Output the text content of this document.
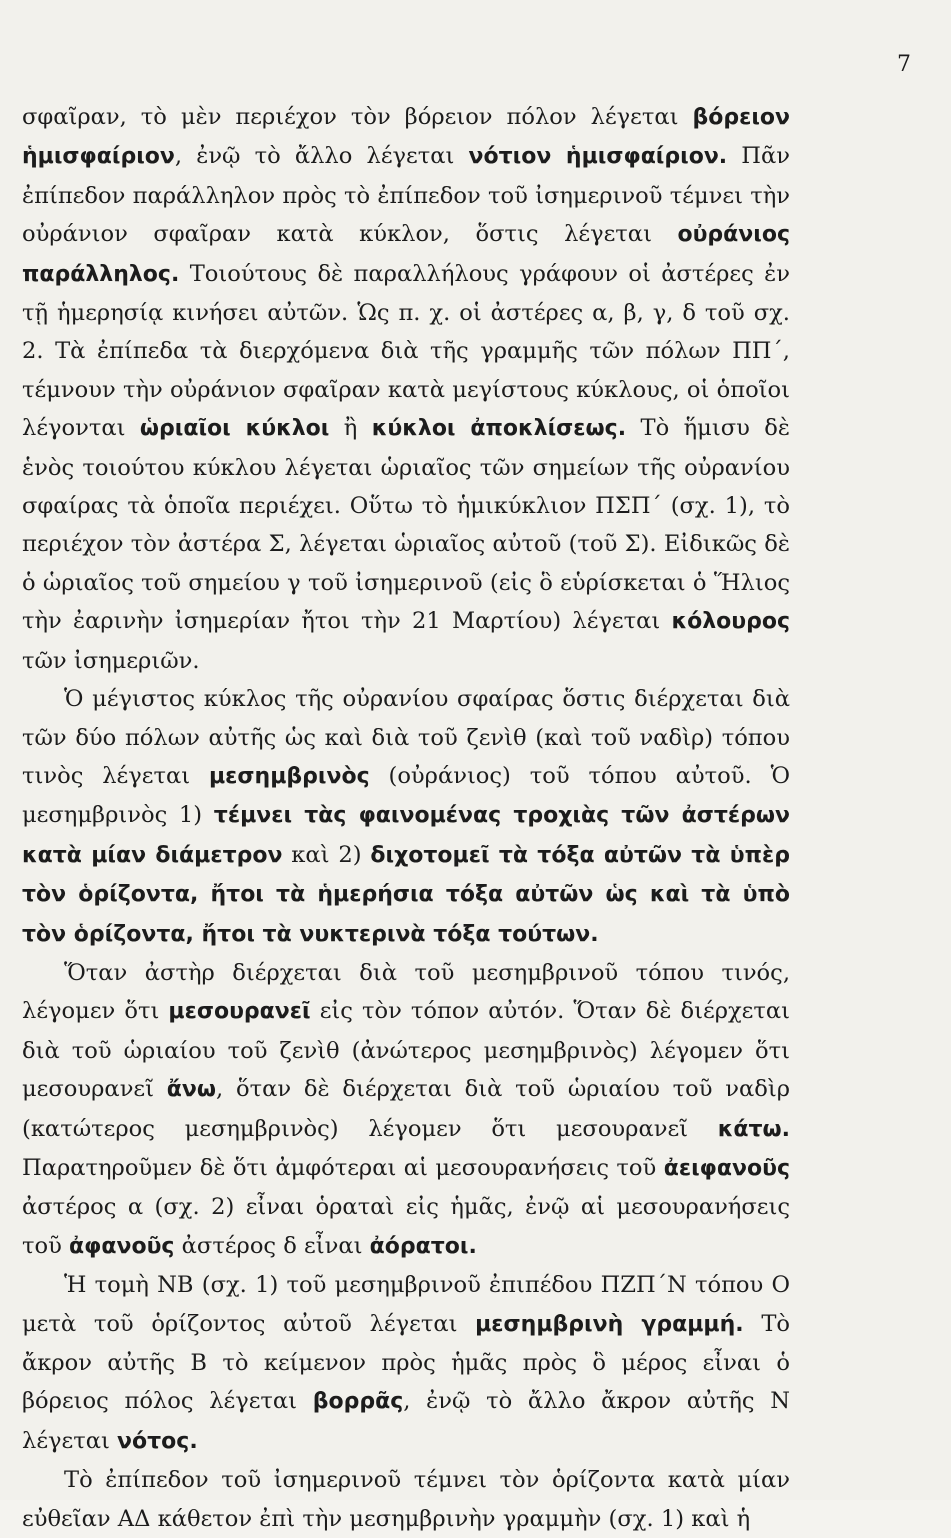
7

σφαῖραν, τὸ μὲν περιέχον τὸν βόρειον πόλον λέγεται βόρειον ἡμισφαίριον, ἐνῷ τὸ ἄλλο λέγεται νότιον ἡμισφαίριον. Πᾶν ἐπίπεδον παράλληλον πρὸς τὸ ἐπίπεδον τοῦ ἰσημερινοῦ τέμνει τὴν οὐράνιον σφαῖραν κατὰ κύκλον, ὅστις λέγεται οὐράνιος παράλληλος. Τοιούτους δὲ παραλλήλους γράφουν οἱ ἀστέρες ἐν τῇ ἡμερησίᾳ κινήσει αὐτῶν. Ὡς π. χ. οἱ ἀστέρες α, β, γ, δ τοῦ σχ. 2. Τὰ ἐπίπεδα τὰ διερχόμενα διὰ τῆς γραμμῆς τῶν πόλων ΠΠ΄, τέμνουν τὴν οὐράνιον σφαῖραν κατὰ μεγίστους κύκλους, οἱ ὁποῖοι λέγονται ὡριαῖοι κύκλοι ἢ κύκλοι ἀποκλίσεως. Τὸ ἥμισυ δὲ ἑνὸς τοιούτου κύκλου λέγεται ὡριαῖος τῶν σημείων τῆς οὐρανίου σφαίρας τὰ ὁποῖα περιέχει. Οὕτω τὸ ἡμικύκλιον ΠΣΠ΄ (σχ. 1), τὸ περιέχον τὸν ἀστέρα Σ, λέγεται ὡριαῖος αὐτοῦ (τοῦ Σ). Εἰδικῶς δὲ ὁ ὡριαῖος τοῦ σημείου γ τοῦ ἰσημερινοῦ (εἰς ὃ εὑρίσκεται ὁ Ἥλιος τὴν ἐαρινὴν ἰσημερίαν ἤτοι τὴν 21 Μαρτίου) λέγεται κόλουρος τῶν ἰσημεριῶν.

Ὁ μέγιστος κύκλος τῆς οὐρανίου σφαίρας ὅστις διέρχεται διὰ τῶν δύο πόλων αὐτῆς ὡς καὶ διὰ τοῦ ζενὶθ (καὶ τοῦ ναδὶρ) τόπου τινὸς λέγεται μεσημβρινὸς (οὐράνιος) τοῦ τόπου αὐτοῦ. Ὁ μεσημβρινὸς 1) τέμνει τὰς φαινομένας τροχιὰς τῶν ἀστέρων κατὰ μίαν διάμετρον καὶ 2) διχοτομεῖ τὰ τόξα αὐτῶν τὰ ὑπὲρ τὸν ὁρίζοντα, ἤτοι τὰ ἡμερήσια τόξα αὐτῶν ὡς καὶ τὰ ὑπὸ τὸν ὁρίζοντα, ἤτοι τὰ νυκτερινὰ τόξα τούτων.

Ὅταν ἀστὴρ διέρχεται διὰ τοῦ μεσημβρινοῦ τόπου τινός, λέγομεν ὅτι μεσουρανεῖ εἰς τὸν τόπον αὐτόν. Ὅταν δὲ διέρχεται διὰ τοῦ ὡριαίου τοῦ ζενὶθ (ἀνώτερος μεσημβρινὸς) λέγομεν ὅτι μεσουρανεῖ ἄνω, ὅταν δὲ διέρχεται διὰ τοῦ ὡριαίου τοῦ ναδὶρ (κατώτερος μεσημβρινὸς) λέγομεν ὅτι μεσουρανεῖ κάτω. Παρατηροῦμεν δὲ ὅτι ἀμφότεραι αἱ μεσουρανήσεις τοῦ ἀειφανοῦς ἀστέρος α (σχ. 2) εἶναι ὁραταὶ εἰς ἡμᾶς, ἐνῷ αἱ μεσουρανήσεις τοῦ ἀφανοῦς ἀστέρος δ εἶναι ἀόρατοι.

Ἡ τομὴ ΝΒ (σχ. 1) τοῦ μεσημβρινοῦ ἐπιπέδου ΠΖΠ΄Ν τόπου Ο μετὰ τοῦ ὁρίζοντος αὐτοῦ λέγεται μεσημβρινὴ γραμμή. Τὸ ἄκρον αὐτῆς Β τὸ κείμενον πρὸς ἡμᾶς πρὸς ὃ μέρος εἶναι ὁ βόρειος πόλος λέγεται βορρᾶς, ἐνῷ τὸ ἄλλο ἄκρον αὐτῆς Ν λέγεται νότος.

Τὸ ἐπίπεδον τοῦ ἰσημερινοῦ τέμνει τὸν ὁρίζοντα κατὰ μίαν εὐθεῖαν ΑΔ κάθετον ἐπὶ τὴν μεσημβρινὴν γραμμὴν (σχ. 1) καὶ ἡ
